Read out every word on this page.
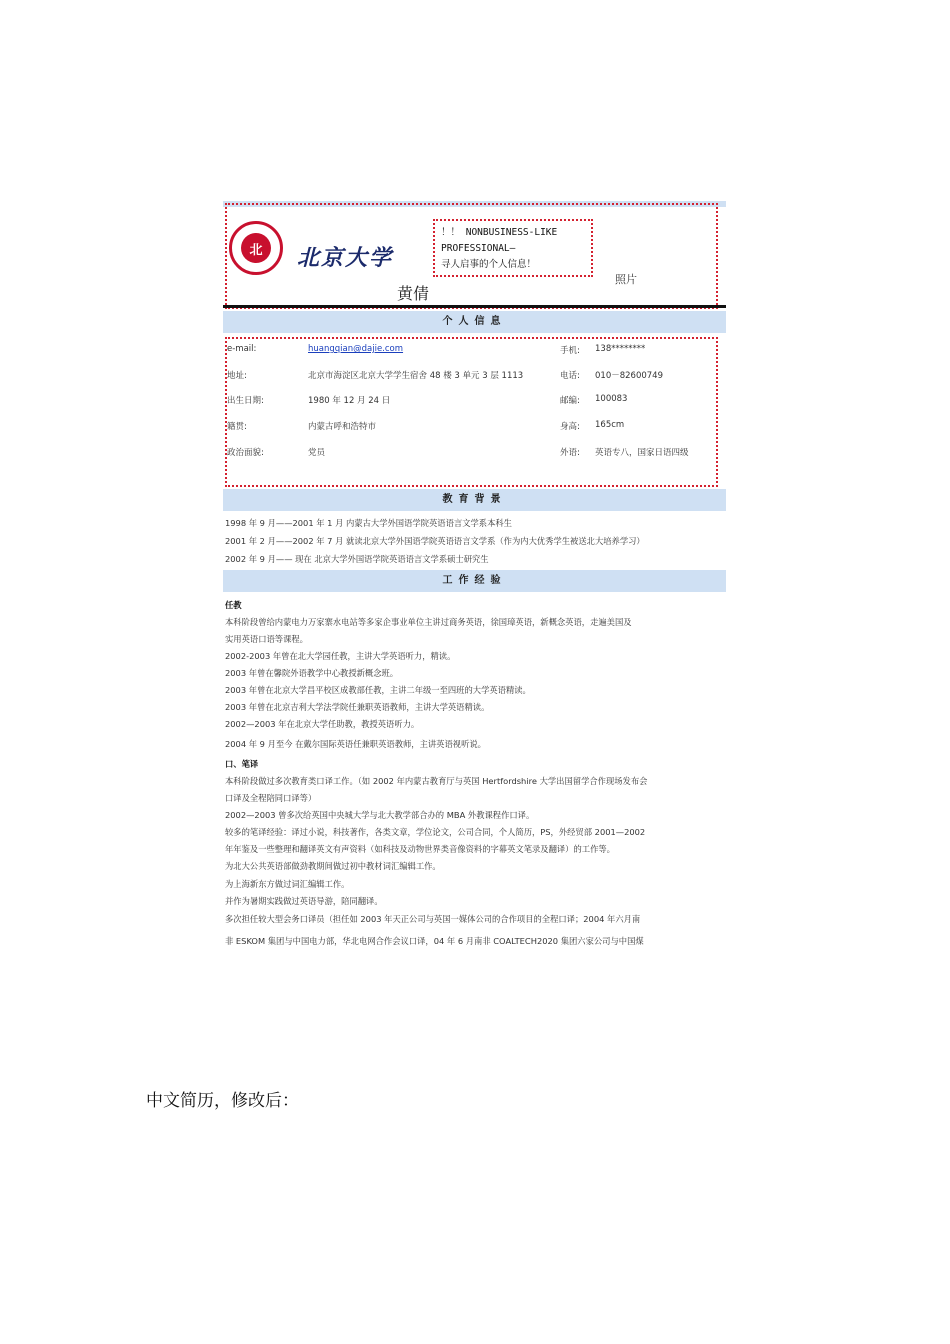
北	北京大学
！！ NONBUSINESS-LIKE
PROFESSIONAL—
寻人启事的个人信息！
黄倩
照片
个人信息
e-mail:	huangqian@dajie.com	手机: 138********
地址:	北京市海淀区北京大学学生宿舍 48 楼 3 单元 3 层 1113	电话: 010－82600749
出生日期:	1980 年 12 月 24 日	邮编: 100083
籍贯:	内蒙古呼和浩特市	身高: 165cm
政治面貌:	党员	外语: 英语专八，国家日语四级
教育背景
1998 年 9 月——2001 年 1 月 内蒙古大学外国语学院英语语言文学系本科生
2001 年 2 月——2002 年 7 月 就读北京大学外国语学院英语语言文学系（作为内大优秀学生被送北大培养学习）
2002 年 9 月—— 现在 北京大学外国语学院英语语言文学系硕士研究生
工作经验
任教
本科阶段曾给内蒙电力万家寨水电站等多家企事业单位主讲过商务英语，徐国璋英语，新概念英语，走遍美国及
实用英语口语等课程。
2002-2003 年曾在北大学园任教，主讲大学英语听力，精读。
2003 年曾在馨院外语教学中心教授新概念班。
2003 年曾在北京大学昌平校区成教部任教，主讲二年级一至四班的大学英语精读。
2003 年曾在北京吉利大学法学院任兼职英语教师，主讲大学英语精读。
2002—2003 年在北京大学任助教，教授英语听力。
2004 年 9 月至今 在戴尔国际英语任兼职英语教师，主讲英语视听说。
口、笔译
本科阶段做过多次教育类口译工作。（如 2002 年内蒙古教育厅与英国 Hertfordshire 大学出国留学合作现场发布会
口译及全程陪同口译等）
2002—2003 曾多次给英国中央城大学与北大教学部合办的 MBA 外教课程作口译。
较多的笔译经验：译过小说，科技著作，各类文章，学位论文，公司合同，个人简历，PS，外经贸部 2001—2002
年年鉴及一些整理和翻译英文有声资料（如科技及动物世界类音像资料的字幕英文笔录及翻译）的工作等。
为北大公共英语部做劲教期间做过初中教材词汇编辑工作。
为上海新东方做过词汇编辑工作。
并作为暑期实践做过英语导游，陪同翻译。
多次担任较大型会务口译员（担任如 2003 年天正公司与英国一媒体公司的合作项目的全程口译；2004 年六月南
非 ESKOM 集团与中国电力部，华北电网合作会议口译，04 年 6 月南非 COALTECH2020 集团六家公司与中国煤
中文简历，修改后：
